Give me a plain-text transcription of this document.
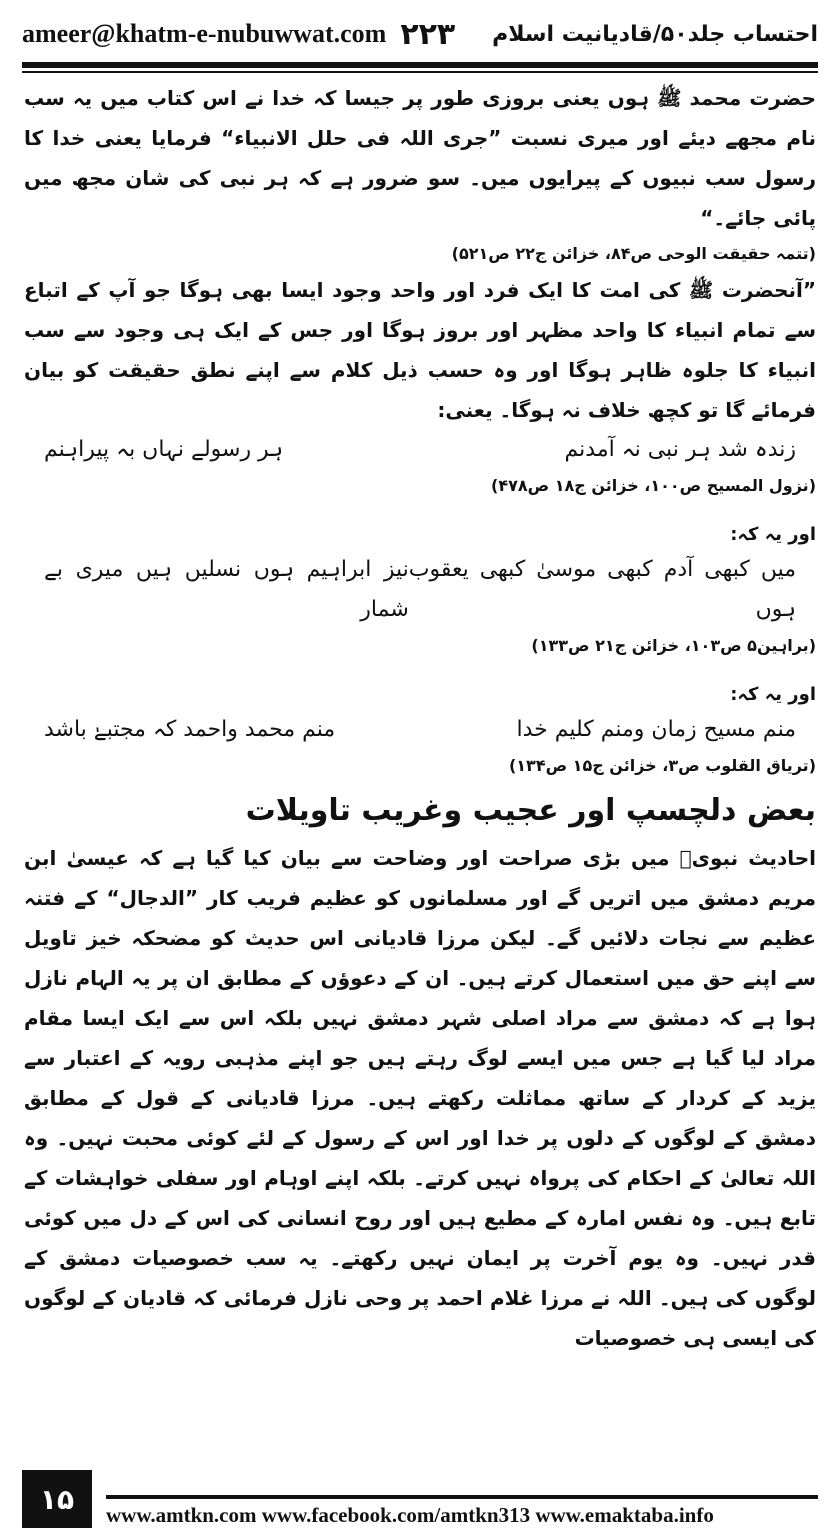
ameer@khatm-e-nubuwwat.com ۲۲۳ احتساب جلد۵۰/قادیانیت اسلام

حضرت محمد ﷺ ہوں یعنی بروزی طور پر جیسا کہ خدا نے اس کتاب میں یہ سب نام مجھے دیئے اور میری نسبت ”جری اللہ فی حلل الانبیاء“ فرمایا یعنی خدا کا رسول سب نبیوں کے پیرایوں میں۔ سو ضرور ہے کہ ہر نبی کی شان مجھ میں پائی جائے۔“

(تتمہ حقیقت الوحی ص۸۴، خزائن ج۲۲ ص۵۲۱)

”آنحضرت ﷺ کی امت کا ایک فرد اور واحد وجود ایسا بھی ہوگا جو آپ کے اتباع سے تمام انبیاء کا واحد مظہر اور بروز ہوگا اور جس کے ایک ہی وجود سے سب انبیاء کا جلوہ ظاہر ہوگا اور وہ حسب ذیل کلام سے اپنے نطق حقیقت کو بیان فرمائے گا تو کچھ خلاف نہ ہوگا۔ یعنی:

زندہ شد ہر نبی نہ آمدنم
ہر رسولے نہاں بہ پیراہنم

(نزول المسیح ص۱۰۰، خزائن ج۱۸ ص۴۷۸)

اور یہ کہ:

میں کبھی آدم کبھی موسیٰ کبھی یعقوب ہوں
نیز ابراہیم ہوں نسلیں ہیں میری بے شمار

(براہین۵ ص۱۰۳، خزائن ج۲۱ ص۱۳۳)

اور یہ کہ:

منم مسیح زمان ومنم کلیم خدا
منم محمد واحمد کہ مجتبےٰ باشد

(تریاق القلوب ص۳، خزائن ج۱۵ ص۱۳۴)

بعض دلچسپ اور عجیب وغریب تاویلات

احادیث نبویؐ میں بڑی صراحت اور وضاحت سے بیان کیا گیا ہے کہ عیسیٰ ابن مریم دمشق میں اتریں گے اور مسلمانوں کو عظیم فریب کار ”الدجال“ کے فتنہ عظیم سے نجات دلائیں گے۔ لیکن مرزا قادیانی اس حدیث کو مضحکہ خیز تاویل سے اپنے حق میں استعمال کرتے ہیں۔ ان کے دعوؤں کے مطابق ان پر یہ الہام نازل ہوا ہے کہ دمشق سے مراد اصلی شہر دمشق نہیں بلکہ اس سے ایک ایسا مقام مراد لیا گیا ہے جس میں ایسے لوگ رہتے ہیں جو اپنے مذہبی رویہ کے اعتبار سے یزید کے کردار کے ساتھ مماثلت رکھتے ہیں۔ مرزا قادیانی کے قول کے مطابق دمشق کے لوگوں کے دلوں پر خدا اور اس کے رسول کے لئے کوئی محبت نہیں۔ وہ اللہ تعالیٰ کے احکام کی پرواہ نہیں کرتے۔ بلکہ اپنے اوہام اور سفلی خواہشات کے تابع ہیں۔ وہ نفس امارہ کے مطیع ہیں اور روح انسانی کی اس کے دل میں کوئی قدر نہیں۔ وہ یوم آخرت پر ایمان نہیں رکھتے۔ یہ سب خصوصیات دمشق کے لوگوں کی ہیں۔ اللہ نے مرزا غلام احمد پر وحی نازل فرمائی کہ قادیان کے لوگوں کی ایسی ہی خصوصیات

۱۵	www.amtkn.com www.facebook.com/amtkn313 www.emaktaba.info
